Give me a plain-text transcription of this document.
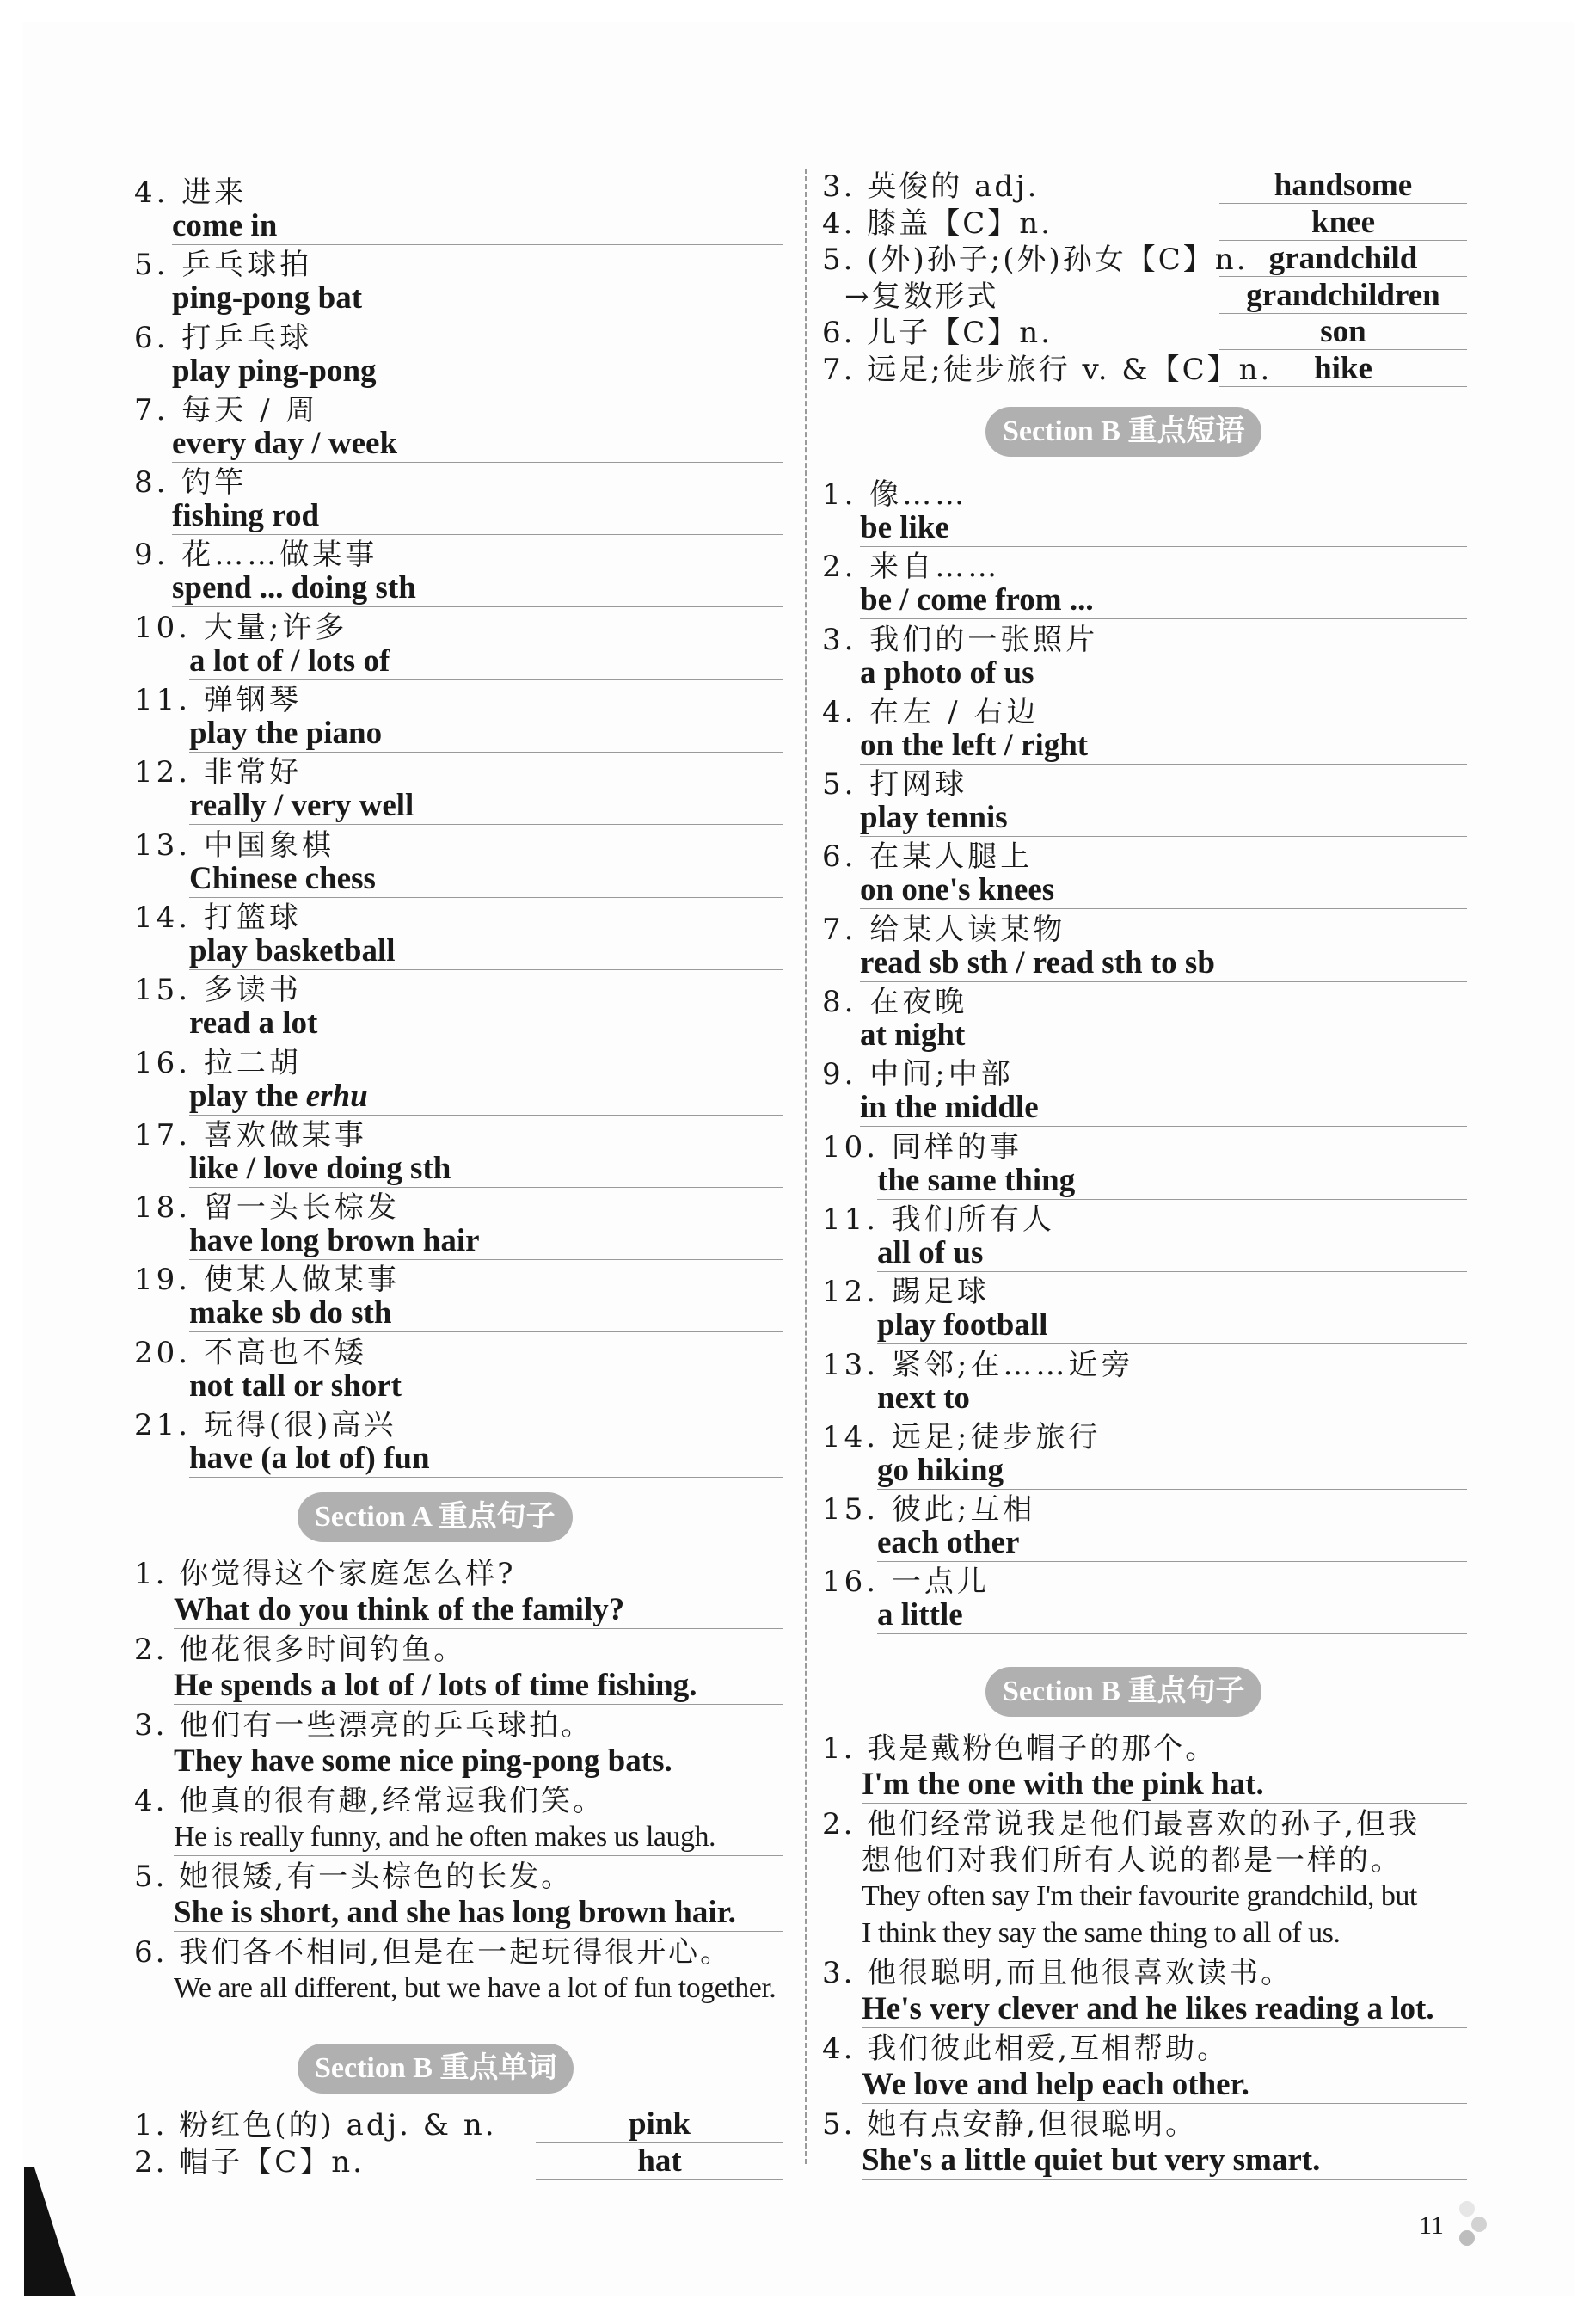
4. 进来
come in
5. 乒乓球拍
ping-pong bat
6. 打乒乓球
play ping-pong
7. 每天 / 周
every day / week
8. 钓竿
fishing rod
9. 花……做某事
spend ... doing sth
10. 大量;许多
a lot of / lots of
11. 弹钢琴
play the piano
12. 非常好
really / very well
13. 中国象棋
Chinese chess
14. 打篮球
play basketball
15. 多读书
read a lot
16. 拉二胡
play the erhu
17. 喜欢做某事
like / love doing sth
18. 留一头长棕发
have long brown hair
19. 使某人做某事
make sb do sth
20. 不高也不矮
not tall or short
21. 玩得(很)高兴
have (a lot of) fun
Section A 重点句子
1. 你觉得这个家庭怎么样?
What do you think of the family?
2. 他花很多时间钓鱼。
He spends a lot of / lots of time fishing.
3. 他们有一些漂亮的乒乓球拍。
They have some nice ping-pong bats.
4. 他真的很有趣,经常逗我们笑。
He is really funny, and he often makes us laugh.
5. 她很矮,有一头棕色的长发。
She is short, and she has long brown hair.
6. 我们各不相同,但是在一起玩得很开心。
We are all different, but we have a lot of fun together.
Section B 重点单词
1. 粉红色(的) adj. & n.	pink
2. 帽子【C】n.	hat
3. 英俊的 adj.	handsome
4. 膝盖【C】n.	knee
5. (外)孙子;(外)孙女【C】n. grandchild
→复数形式	grandchildren
6. 儿子【C】n.	son
7. 远足;徒步旅行 v. &【C】n.	hike
Section B 重点短语
1. 像……
be like
2. 来自……
be / come from ...
3. 我们的一张照片
a photo of us
4. 在左 / 右边
on the left / right
5. 打网球
play tennis
6. 在某人腿上
on one's knees
7. 给某人读某物
read sb sth / read sth to sb
8. 在夜晚
at night
9. 中间;中部
in the middle
10. 同样的事
the same thing
11. 我们所有人
all of us
12. 踢足球
play football
13. 紧邻;在……近旁
next to
14. 远足;徒步旅行
go hiking
15. 彼此;互相
each other
16. 一点儿
a little
Section B 重点句子
1. 我是戴粉色帽子的那个。
I'm the one with the pink hat.
2. 他们经常说我是他们最喜欢的孙子,但我
想他们对我们所有人说的都是一样的。
They often say I'm their favourite grandchild, but
I think they say the same thing to all of us.
3. 他很聪明,而且他很喜欢读书。
He's very clever and he likes reading a lot.
4. 我们彼此相爱,互相帮助。
We love and help each other.
5. 她有点安静,但很聪明。
She's a little quiet but very smart.
11
